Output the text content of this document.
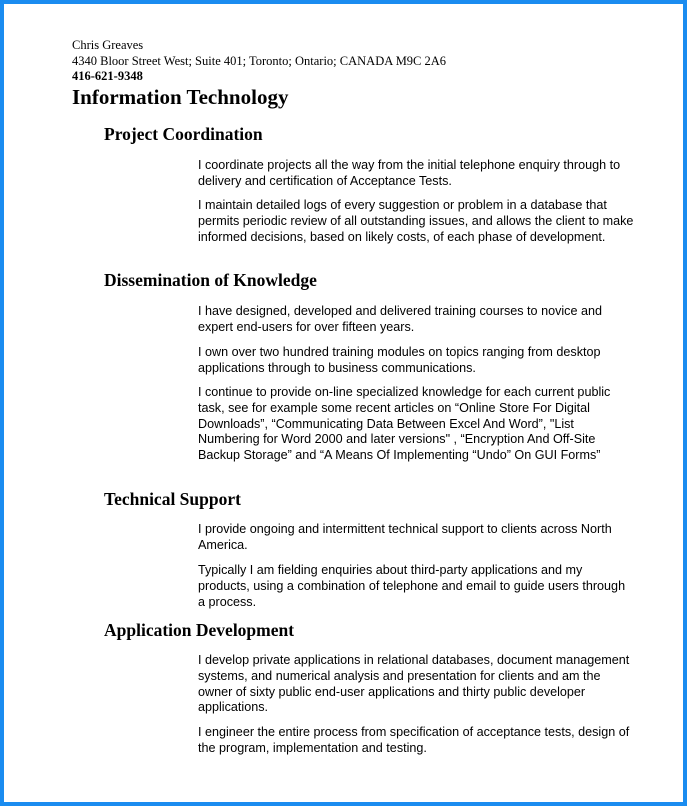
Chris Greaves
4340 Bloor Street West; Suite 401; Toronto; Ontario; CANADA M9C 2A6
416-621-9348
Information Technology
Project Coordination

I coordinate projects all the way from the initial telephone enquiry through to delivery and certification of Acceptance Tests.

I maintain detailed logs of every suggestion or problem in a database that permits periodic review of all outstanding issues, and allows the client to make informed decisions, based on likely costs, of each phase of development.

Dissemination of Knowledge

I have designed, developed and delivered training courses to novice and expert end-users for over fifteen years.

I own over two hundred training modules on topics ranging from desktop applications through to business communications.

I continue to provide on-line specialized knowledge for each current public task, see for example some recent articles on “Online Store For Digital Downloads”, “Communicating Data Between Excel And Word”, "List Numbering for Word 2000 and later versions" , “Encryption And Off-Site Backup Storage” and “A Means Of Implementing “Undo” On GUI Forms”

Technical Support

I provide ongoing and intermittent technical support to clients across North America.

Typically I am fielding enquiries about third-party applications and my products, using a combination of telephone and email to guide users through a process.

Application Development

I develop private applications in relational databases, document management systems, and numerical analysis and presentation for clients and am the owner of sixty public end-user applications and thirty public developer applications.

I engineer the entire process from specification of acceptance tests, design of the program, implementation and testing.
